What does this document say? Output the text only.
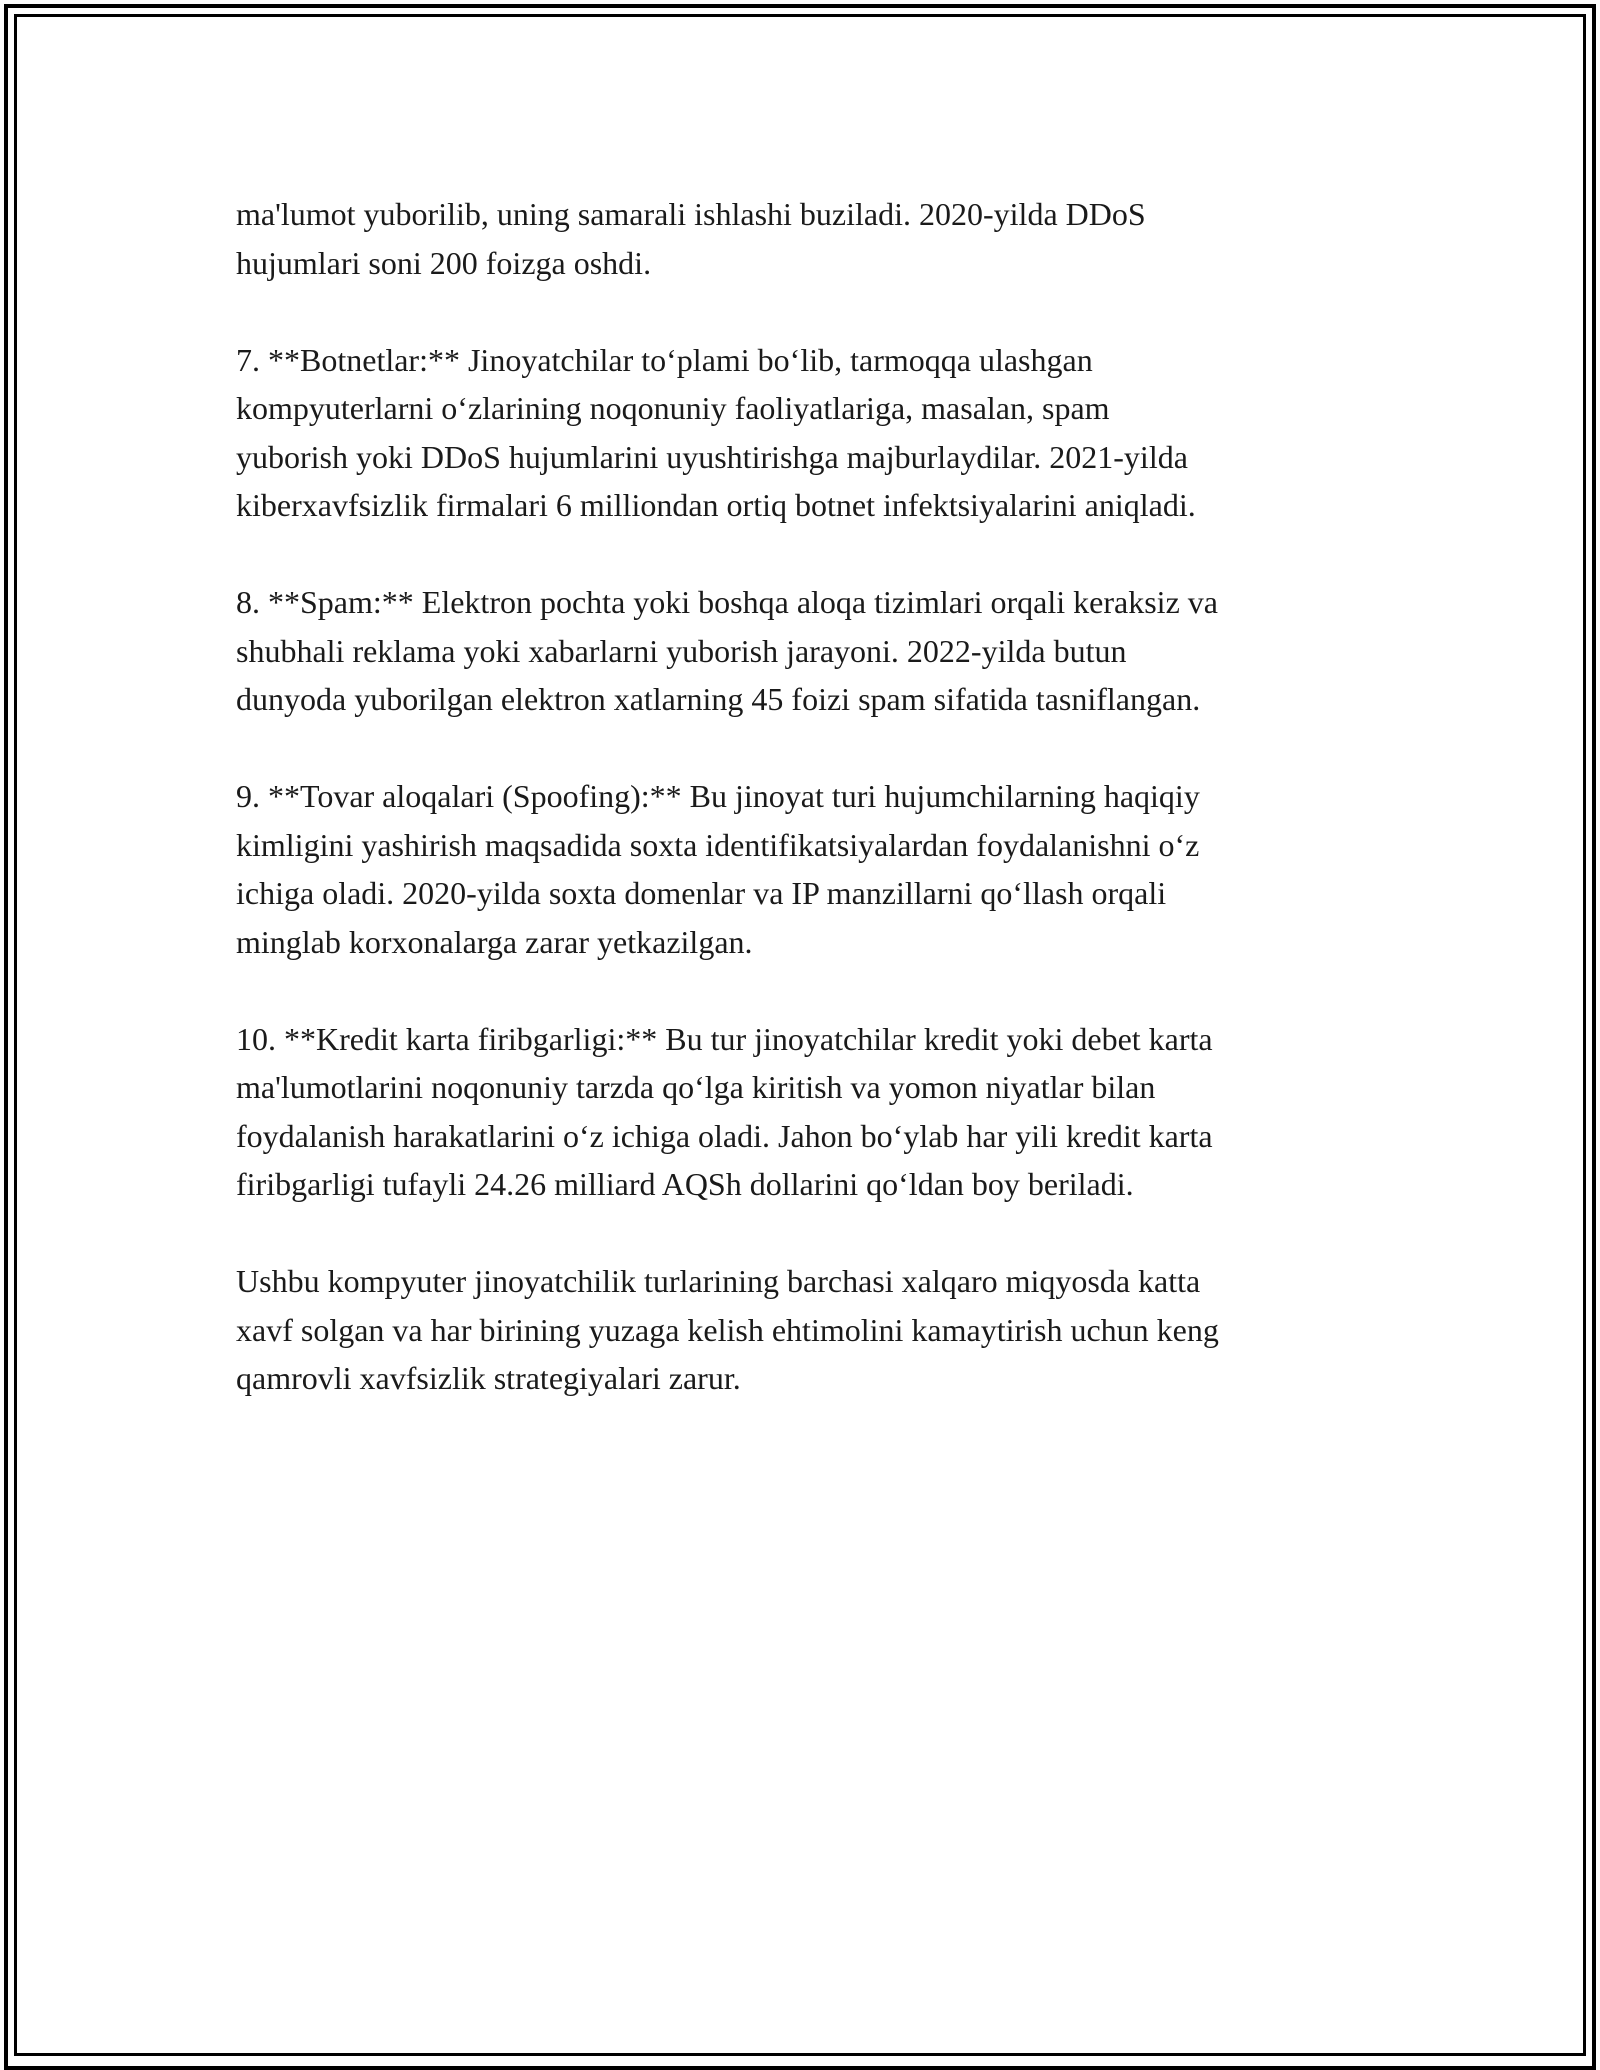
ma'lumot yuborilib, uning samarali ishlashi buziladi. 2020-yilda DDoS
hujumlari soni 200 foizga oshdi.

7. **Botnetlar:** Jinoyatchilar to‘plami bo‘lib, tarmoqqa ulashgan
kompyuterlarni o‘zlarining noqonuniy faoliyatlariga, masalan, spam
yuborish yoki DDoS hujumlarini uyushtirishga majburlaydilar. 2021-yilda
kiberxavfsizlik firmalari 6 milliondan ortiq botnet infektsiyalarini aniqladi.

8. **Spam:** Elektron pochta yoki boshqa aloqa tizimlari orqali keraksiz va
shubhali reklama yoki xabarlarni yuborish jarayoni. 2022-yilda butun
dunyoda yuborilgan elektron xatlarning 45 foizi spam sifatida tasniflangan.

9. **Tovar aloqalari (Spoofing):** Bu jinoyat turi hujumchilarning haqiqiy
kimligini yashirish maqsadida soxta identifikatsiyalardan foydalanishni o‘z
ichiga oladi. 2020-yilda soxta domenlar va IP manzillarni qo‘llash orqali
minglab korxonalarga zarar yetkazilgan.

10. **Kredit karta firibgarligi:** Bu tur jinoyatchilar kredit yoki debet karta
ma'lumotlarini noqonuniy tarzda qo‘lga kiritish va yomon niyatlar bilan
foydalanish harakatlarini o‘z ichiga oladi. Jahon bo‘ylab har yili kredit karta
firibgarligi tufayli 24.26 milliard AQSh dollarini qo‘ldan boy beriladi.

Ushbu kompyuter jinoyatchilik turlarining barchasi xalqaro miqyosda katta
xavf solgan va har birining yuzaga kelish ehtimolini kamaytirish uchun keng
qamrovli xavfsizlik strategiyalari zarur.
